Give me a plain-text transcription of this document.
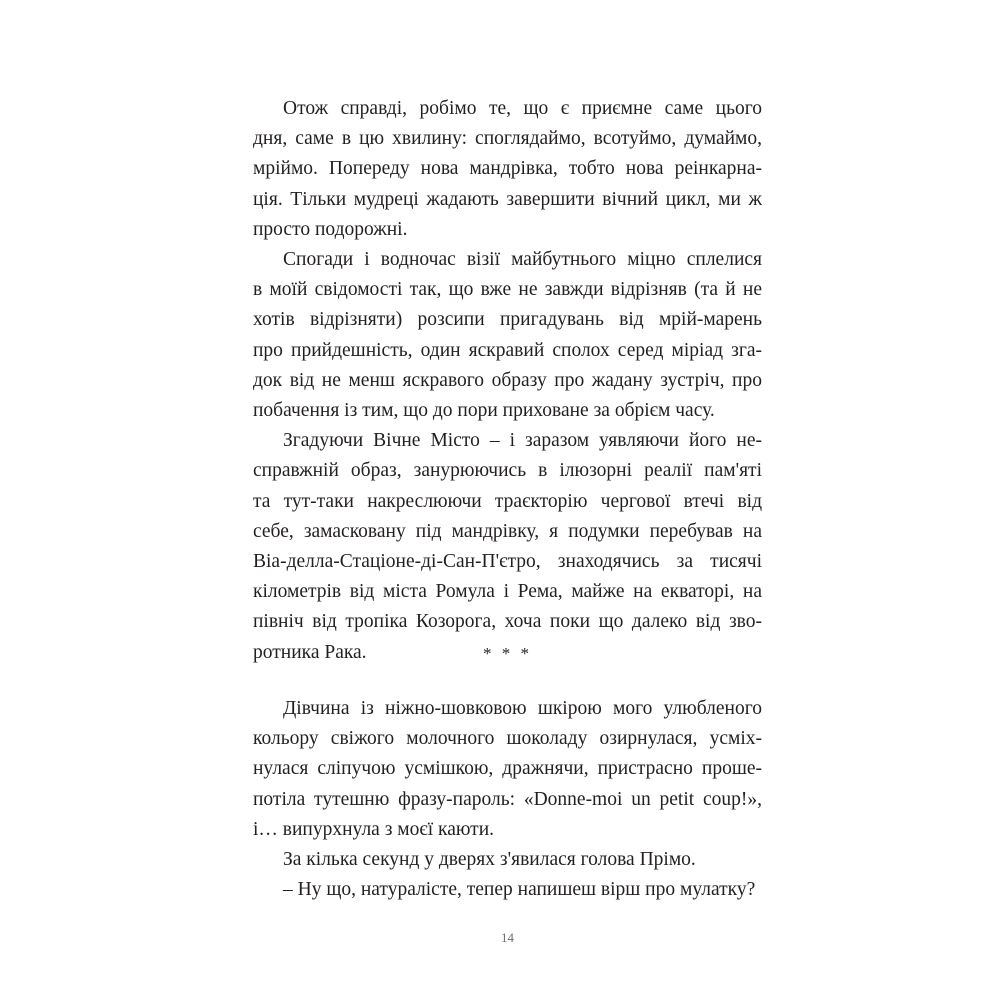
Отож справді, робімо те, що є приємне саме цього
дня, саме в цю хвилину: споглядаймо, всотуймо, думаймо,
мріймо. Попереду нова мандрівка, тобто нова реінкарна-
ція. Тільки мудреці жадають завершити вічний цикл, ми ж
просто подорожні.

Спогади і водночас візії майбутнього міцно сплелися
в моїй свідомості так, що вже не завжди відрізняв (та й не
хотів відрізняти) розсипи пригадувань від мрій-марень
про прийдешність, один яскравий сполох серед міріад зга-
док від не менш яскравого образу про жадану зустріч, про
побачення із тим, що до пори приховане за обрієм часу.

Згадуючи Вічне Місто – і заразом уявляючи його не-
справжній образ, занурюючись в ілюзорні реалії пам'яті
та тут-таки накреслюючи траєкторію чергової втечі від
себе, замасковану під мандрівку, я подумки перебував на
Віа-делла-Стаціоне-ді-Сан-П'єтро, знаходячись за тисячі
кілометрів від міста Ромула і Рема, майже на екваторі, на
північ від тропіка Козорога, хоча поки що далеко від зво-
ротника Рака.	* * *

Дівчина із ніжно-шовковою шкірою мого улюбленого
кольору свіжого молочного шоколаду озирнулася, усміх-
нулася сліпучою усмішкою, дражнячи, пристрасно проше-
потіла тутешню фразу-пароль: «Donne-moi un petit coup!»,
і… випурхнула з моєї каюти.

За кілька секунд у дверях з'явилася голова Прімо.

– Ну що, натуралісте, тепер напишеш вірш про мулатку?

14
